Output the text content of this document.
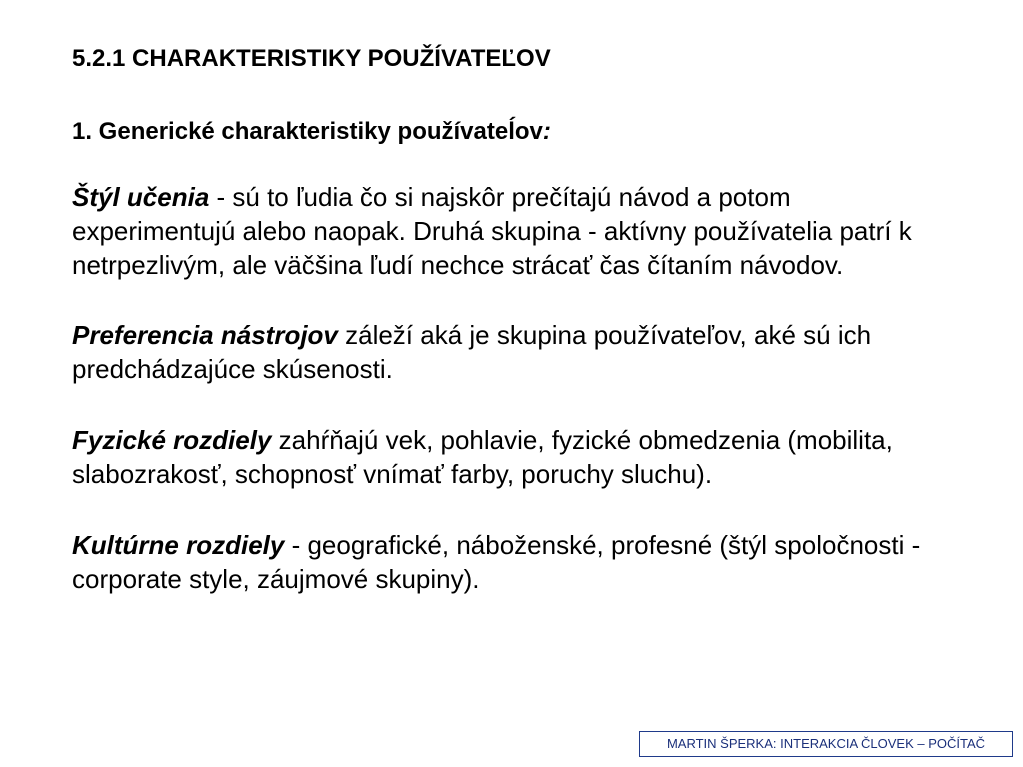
5.2.1 CHARAKTERISTIKY POUŽÍVATEĽOV
1. Generické charakteristiky používateĺov:

Štýl učenia - sú to ľudia čo si najskôr prečítajú návod a potom experimentujú alebo naopak. Druhá skupina - aktívny používatelia patrí k netrpezlivým, ale väčšina ľudí nechce strácať čas čítaním návodov.

Preferencia nástrojov záleží aká je skupina používateľov, aké sú ich predchádzajúce skúsenosti.

Fyzické rozdiely zahŕňajú vek, pohlavie, fyzické obmedzenia (mobilita, slabozrakosť, schopnosť vnímať farby, poruchy sluchu).

Kultúrne rozdiely - geografické, náboženské, profesné (štýl spoločnosti - corporate style, záujmové skupiny).

MARTIN ŠPERKA: INTERAKCIA ČLOVEK – POČÍTAČ
